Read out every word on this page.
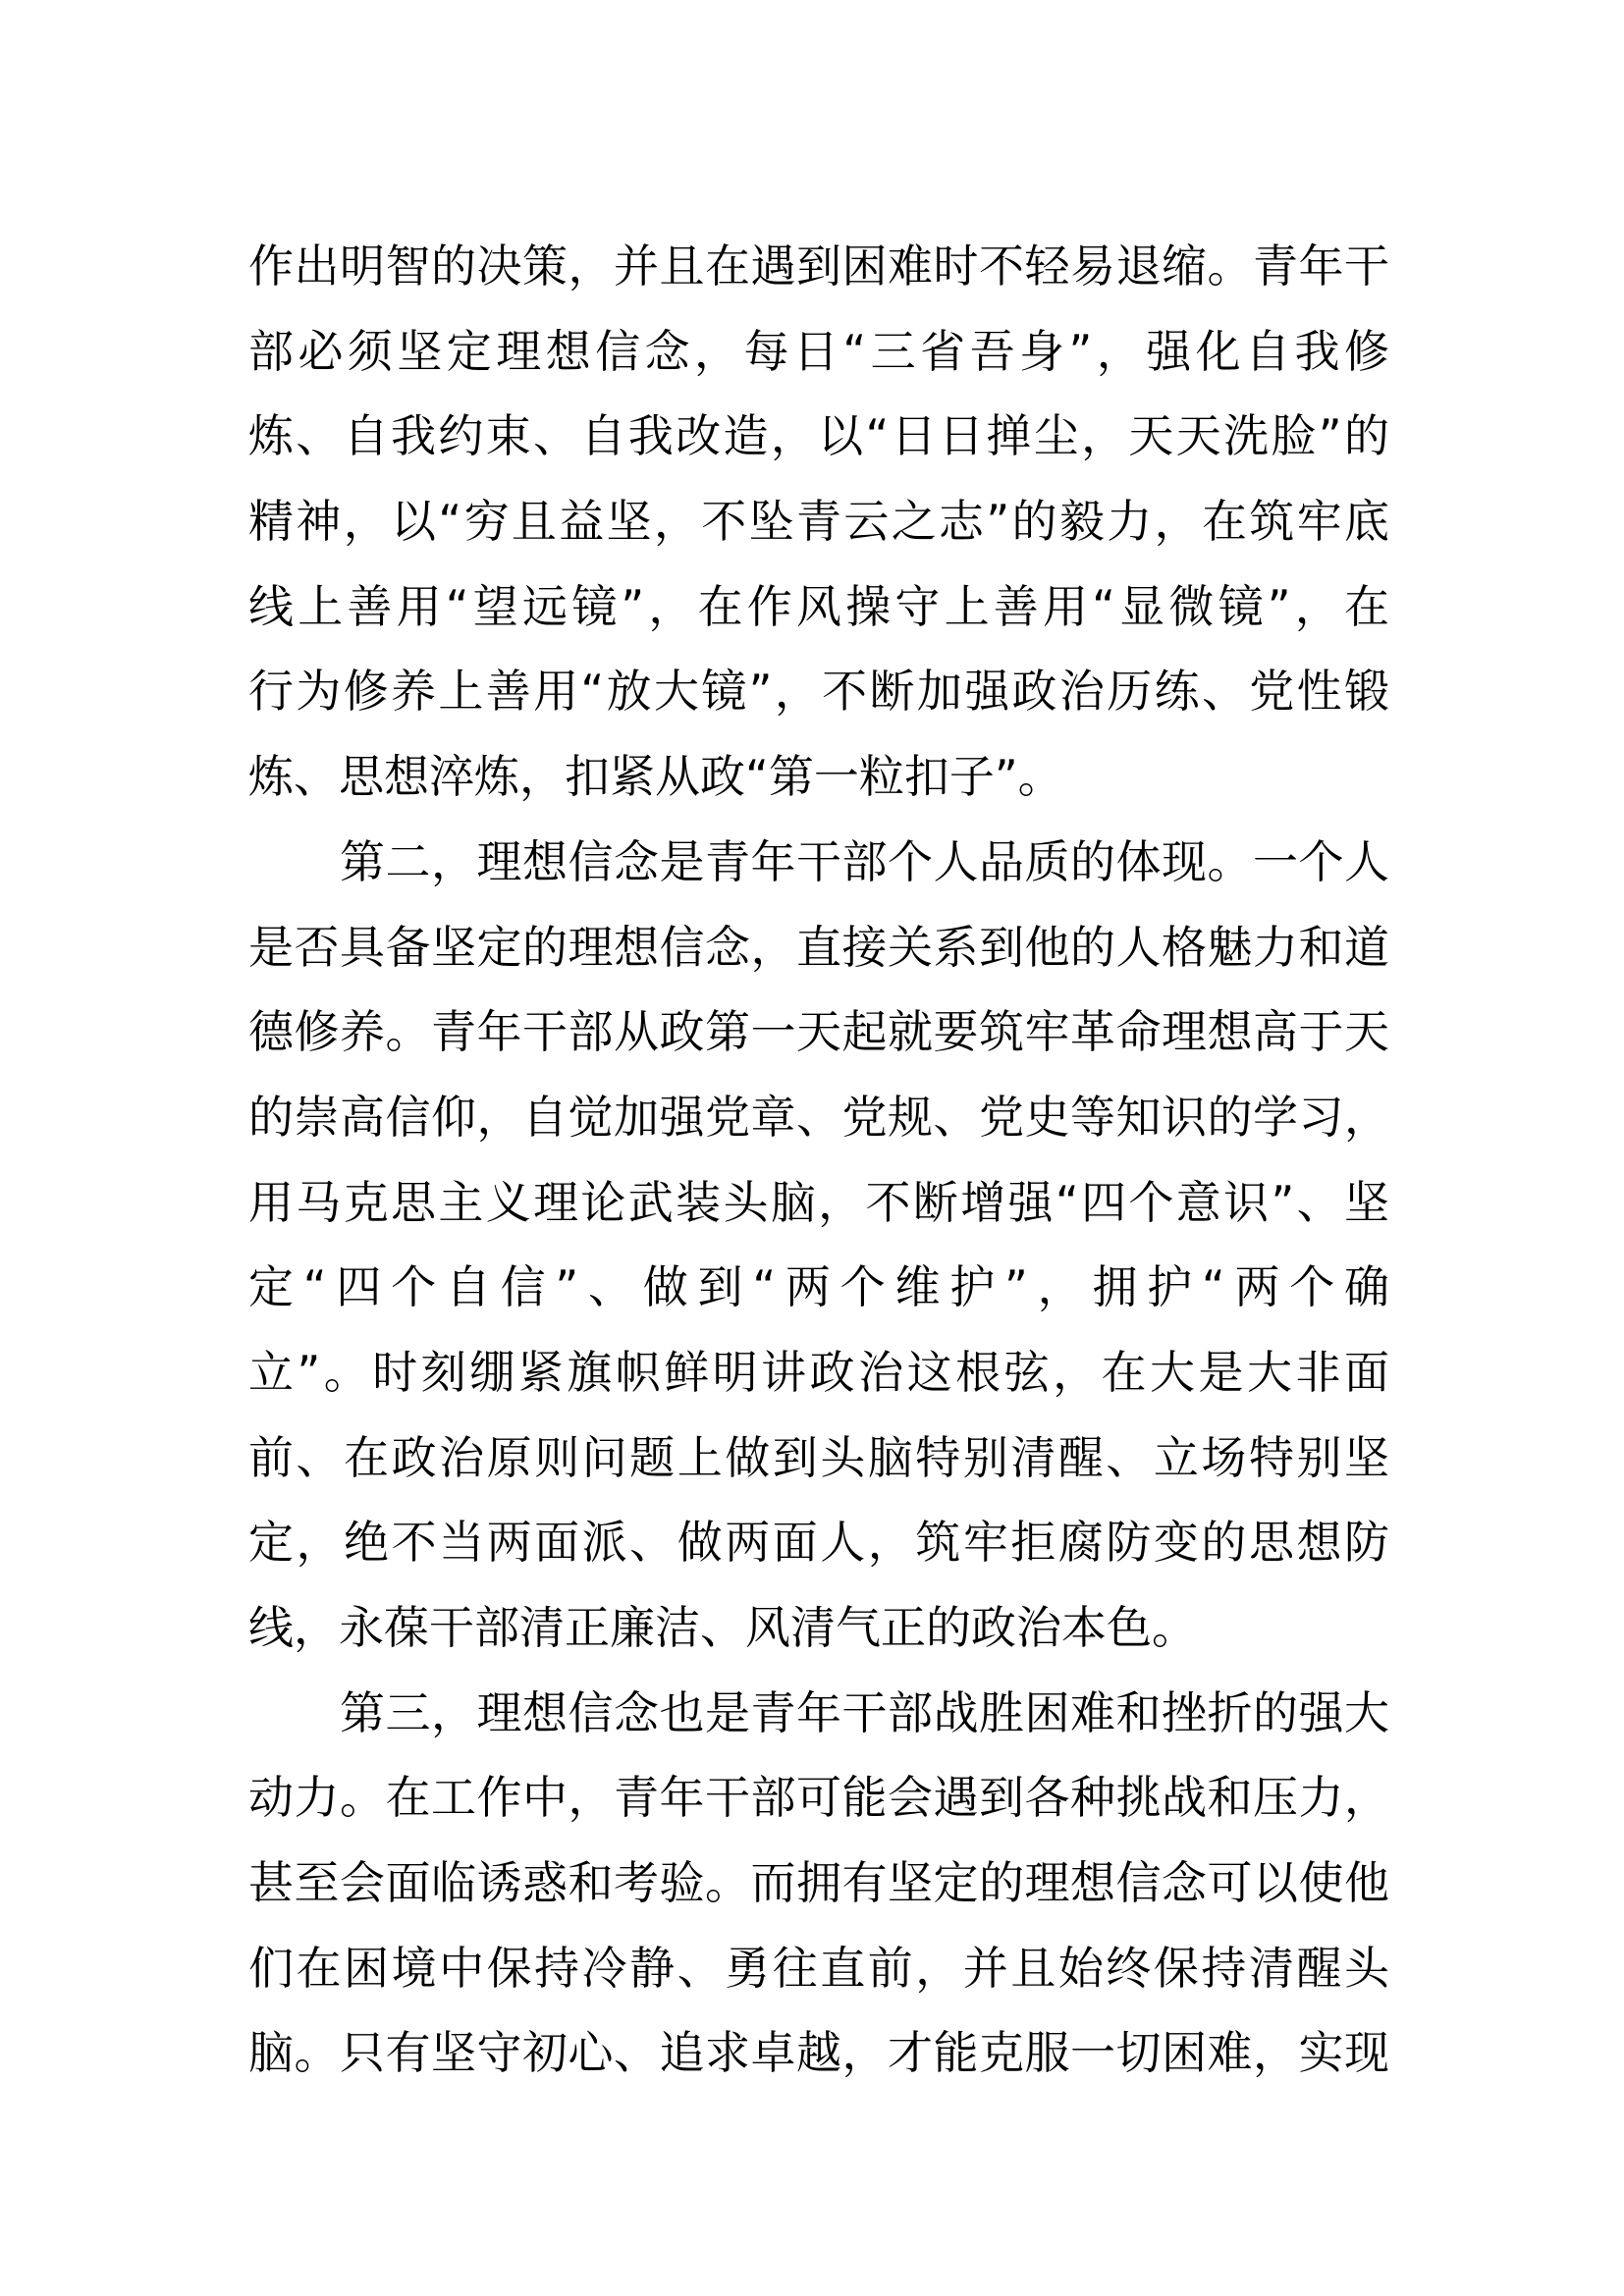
作出明智的决策，并且在遇到困难时不轻易退缩。青年干
部必须坚定理想信念，每日“三省吾身”，强化自我修
炼、自我约束、自我改造，以“日日掸尘，天天洗脸”的
精神，以“穷且益坚，不坠青云之志”的毅力，在筑牢底
线上善用“望远镜”，在作风操守上善用“显微镜”，在
行为修养上善用“放大镜”，不断加强政治历练、党性锻
炼、思想淬炼，扣紧从政“第一粒扣子”。
第二，理想信念是青年干部个人品质的体现。一个人
是否具备坚定的理想信念，直接关系到他的人格魅力和道
德修养。青年干部从政第一天起就要筑牢革命理想高于天
的崇高信仰，自觉加强党章、党规、党史等知识的学习，
用马克思主义理论武装头脑，不断增强“四个意识”、坚
定“四个自信”、做到“两个维护”，拥护“两个确
立”。时刻绷紧旗帜鲜明讲政治这根弦，在大是大非面
前、在政治原则问题上做到头脑特别清醒、立场特别坚
定，绝不当两面派、做两面人，筑牢拒腐防变的思想防
线，永葆干部清正廉洁、风清气正的政治本色。
第三，理想信念也是青年干部战胜困难和挫折的强大
动力。在工作中，青年干部可能会遇到各种挑战和压力，
甚至会面临诱惑和考验。而拥有坚定的理想信念可以使他
们在困境中保持冷静、勇往直前，并且始终保持清醒头
脑。只有坚守初心、追求卓越，才能克服一切困难，实现
